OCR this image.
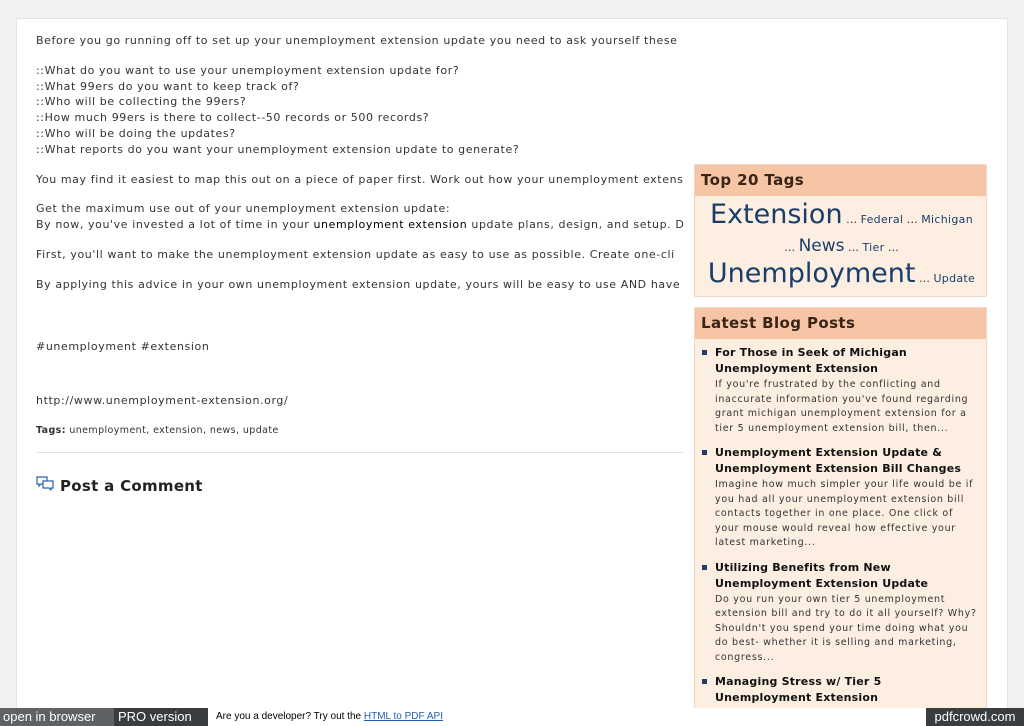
Before you go running off to set up your unemployment extension update you need to ask yourself these
::What do you want to use your unemployment extension update for?
::What 99ers do you want to keep track of?
::Who will be collecting the 99ers?
::How much 99ers is there to collect--50 records or 500 records?
::Who will be doing the updates?
::What reports do you want your unemployment extension update to generate?
You may find it easiest to map this out on a piece of paper first. Work out how your unemployment extens
Get the maximum use out of your unemployment extension update:
By now, you've invested a lot of time in your unemployment extension update plans, design, and setup. D
First, you'll want to make the unemployment extension update as easy to use as possible. Create one-cli
By applying this advice in your own unemployment extension update, yours will be easy to use AND have
#unemployment #extension
http://www.unemployment-extension.org/
Tags: unemployment, extension, news, update
Post a Comment
Top 20 Tags
Extension … Federal … Michigan
… News … Tier …
Unemployment … Update
Latest Blog Posts
For Those in Seek of Michigan Unemployment Extension
If you're frustrated by the conflicting and inaccurate information you've found regarding grant michigan unemployment extension for a tier 5 unemployment extension bill, then...
Unemployment Extension Update & Unemployment Extension Bill Changes
Imagine how much simpler your life would be if you had all your unemployment extension bill contacts together in one place. One click of your mouse would reveal how effective your latest marketing...
Utilizing Benefits from New Unemployment Extension Update
Do you run your own tier 5 unemployment extension bill and try to do it all yourself? Why? Shouldn't you spend your time doing what you do best- whether it is selling and marketing, congress...
Managing Stress w/ Tier 5 Unemployment Extension
open in browser	PRO version	Are you a developer? Try out the HTML to PDF API	pdfcrowd.com
